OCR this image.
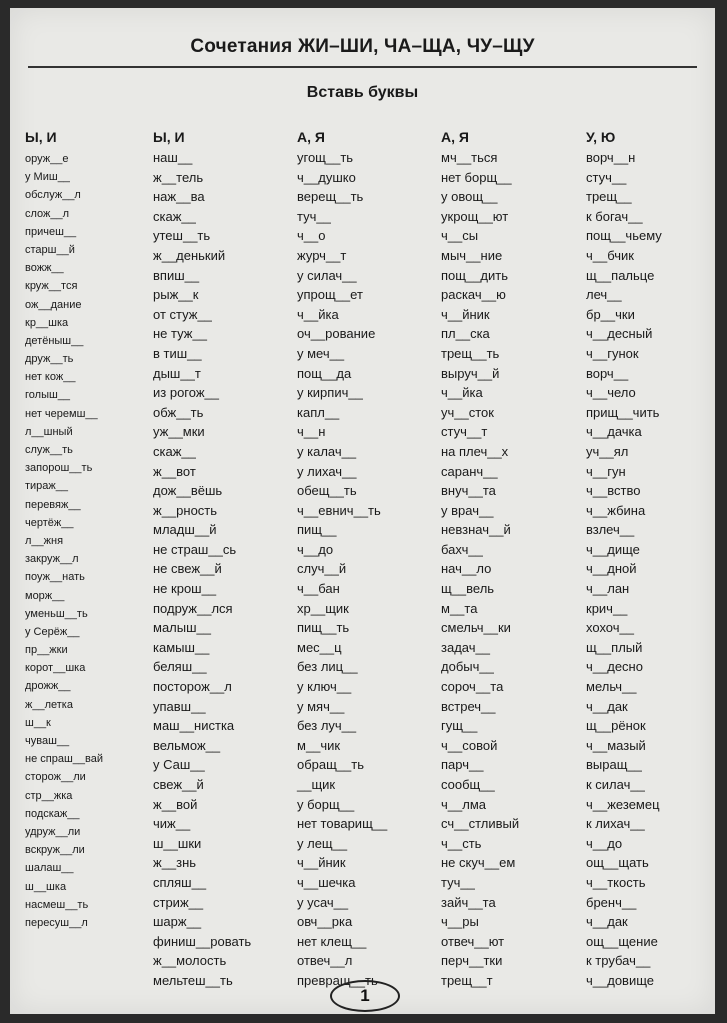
Сочетания ЖИ–ШИ, ЧА–ЩА, ЧУ–ЩУ
Вставь буквы
Ы, И
оруж__е
у Миш__
обслуж__л
слож__л
причеш__
старш__й
вожж__
круж__тся
ож__дание
кр__шка
детёныш__
друж__ть
нет кож__
голыш__
нет черемш__
л__шный
служ__ть
запорош__ть
тираж__
перевяж__
чертёж__
л__жня
закруж__л
поуж__нать
морж__
уменьш__ть
у Серёж__
пр__жки
корот__шка
дрожж__
ж__летка
ш__к
чуваш__
не спраш__вай
сторож__ли
стр__жка
подскаж__
удруж__ли
вскруж__ли
шалаш__
ш__шка
насмеш__ть
пересуш__л
Ы, И
наш__
ж__тель
наж__ва
скаж__
утеш__ть
ж__денький
впиш__
рыж__к
от стуж__
не туж__
в тиш__
дыш__т
из рогож__
обж__ть
уж__мки
скаж__
ж__вот
дож__вёшь
ж__рность
младш__й
не страш__сь
не свеж__й
не крош__
подруж__лся
малыш__
камыш__
беляш__
посторож__л
упавш__
маш__нистка
вельмож__
у Саш__
свеж__й
ж__вой
чиж__
ш__шки
ж__знь
спляш__
стриж__
шарж__
финиш__ровать
ж__молость
мельтеш__ть
А, Я
угощ__ть
ч__душко
верещ__ть
туч__
ч__о
журч__т
у силач__
упрощ__ет
ч__йка
оч__рование
у меч__
пощ__да
у кирпич__
капл__
ч__н
у калач__
у лихач__
обещ__ть
ч__евнич__ть
пищ__
ч__до
случ__й
ч__бан
хр__щик
пищ__ть
мес__ц
без лиц__
у ключ__
у мяч__
без луч__
м__чик
обращ__ть
__щик
у борщ__
нет товарищ__
у лещ__
ч__йник
ч__шечка
у усач__
овч__рка
нет клещ__
отвеч__л
превращ__ть
А, Я
мч__ться
нет борщ__
у овощ__
укрощ__ют
ч__сы
мыч__ние
пощ__дить
раскач__ю
ч__йник
пл__ска
трещ__ть
выруч__й
ч__йка
уч__сток
стуч__т
на плеч__х
саранч__
внуч__та
у врач__
невзнач__й
бахч__
нач__ло
щ__вель
м__та
смельч__ки
задач__
добыч__
сороч__та
встреч__
гущ__
ч__совой
парч__
сообщ__
ч__лма
сч__стливый
ч__сть
не скуч__ем
туч__
зайч__та
ч__ры
отвеч__ют
перч__тки
трещ__т
У, Ю
ворч__н
стуч__
трещ__
к богач__
пощ__чьему
ч__бчик
щ__пальце
леч__
бр__чки
ч__десный
ч__гунок
ворч__
ч__чело
прищ__чить
ч__дачка
уч__ял
ч__гун
ч__вство
ч__жбина
взлеч__
ч__дище
ч__дной
ч__лан
крич__
хохоч__
щ__плый
ч__десно
мельч__
ч__дак
щ__рёнок
ч__мазый
выращ__
к силач__
ч__жеземец
к лихач__
ч__до
ощ__щать
ч__ткость
бренч__
ч__дак
ощ__щение
к трубач__
ч__довище
1
